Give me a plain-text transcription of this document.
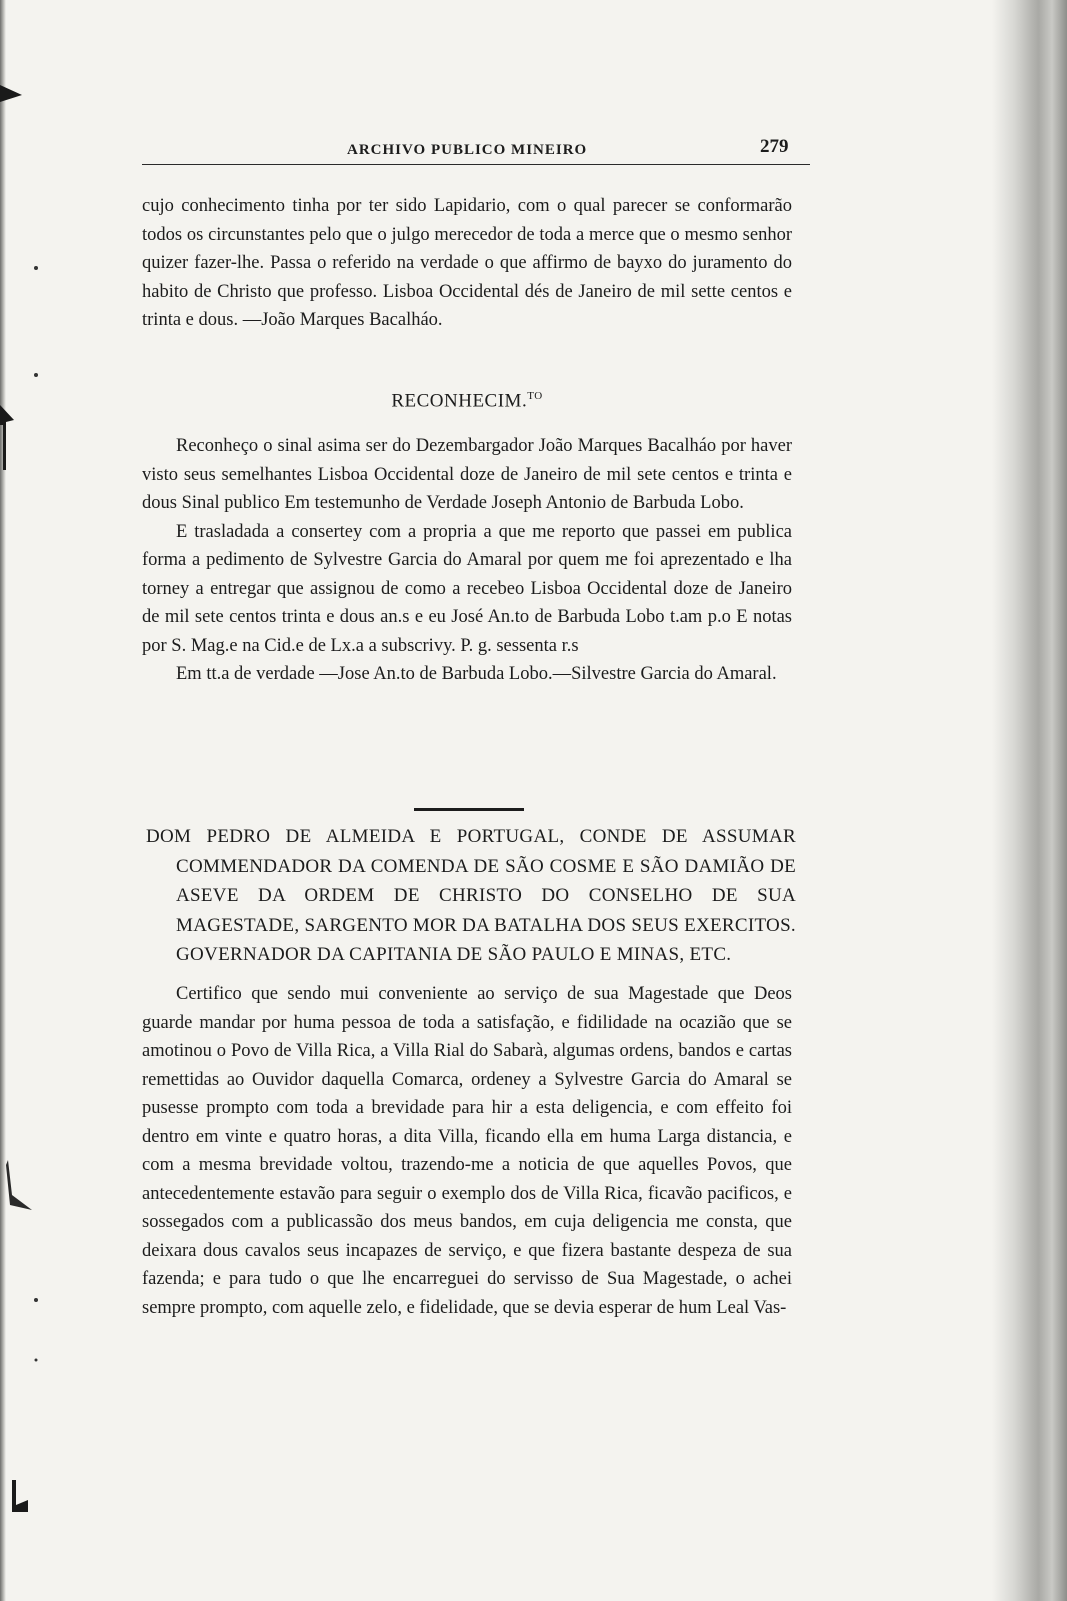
ARCHIVO PUBLICO MINEIRO	279

cujo conhecimento tinha por ter sido Lapidario, com o qual parecer se conformarão todos os circunstantes pelo que o julgo merecedor de toda a merce que o mesmo senhor quizer fazer-lhe. Passa o referido na verdade o que affirmo de bayxo do juramento do habito de Christo que professo. Lisboa Occidental dés de Janeiro de mil sette centos e trinta e dous. —João Marques Bacalháo.

RECONHECIM.$^{TO}$

Reconheço o sinal asima ser do Dezembargador João Marques Bacalháo por haver visto seus semelhantes Lisboa Occidental doze de Janeiro de mil sete centos e trinta e dous Sinal publico Em testemunho de Verdade Joseph Antonio de Barbuda Lobo.

E trasladada a consertey com a propria a que me reporto que passei em publica forma a pedimento de Sylvestre Garcia do Amaral por quem me foi aprezentado e lha torney a entregar que assignou de como a recebeo Lisboa Occidental doze de Janeiro de mil sete centos trinta e dous an.s e eu José An.to de Barbuda Lobo t.am p.o E notas por S. Mag.e na Cid.e de Lx.a a subscrivy. P. g. sessenta r.s

Em tt.a de verdade —Jose An.to de Barbuda Lobo.—Silvestre Garcia do Amaral.

DOM PEDRO DE ALMEIDA E PORTUGAL, CONDE DE ASSUMAR COMMENDADOR DA COMENDA DE SÃO COSME E SÃO DAMIÃO DE ASEVE DA ORDEM DE CHRISTO DO CONSELHO DE SUA MAGESTADE, SARGENTO MOR DA BATALHA DOS SEUS EXERCITOS. GOVERNADOR DA CAPITANIA DE SÃO PAULO E MINAS, ETC.

Certifico que sendo mui conveniente ao serviço de sua Magestade que Deos guarde mandar por huma pessoa de toda a satisfação, e fidilidade na ocazião que se amotinou o Povo de Villa Rica, a Villa Rial do Sabarà, algumas ordens, bandos e cartas remettidas ao Ouvidor daquella Comarca, ordeney a Sylvestre Garcia do Amaral se pusesse prompto com toda a brevidade para hir a esta deligencia, e com effeito foi dentro em vinte e quatro horas, a dita Villa, ficando ella em huma Larga distancia, e com a mesma brevidade voltou, trazendo-me a noticia de que aquelles Povos, que antecedentemente estavão para seguir o exemplo dos de Villa Rica, ficavão pacificos, e sossegados com a publicassão dos meus bandos, em cuja deligencia me consta, que deixara dous cavalos seus incapazes de serviço, e que fizera bastante despeza de sua fazenda; e para tudo o que lhe encarreguei do servisso de Sua Magestade, o achei sempre prompto, com aquelle zelo, e fidelidade, que se devia esperar de hum Leal Vas-
